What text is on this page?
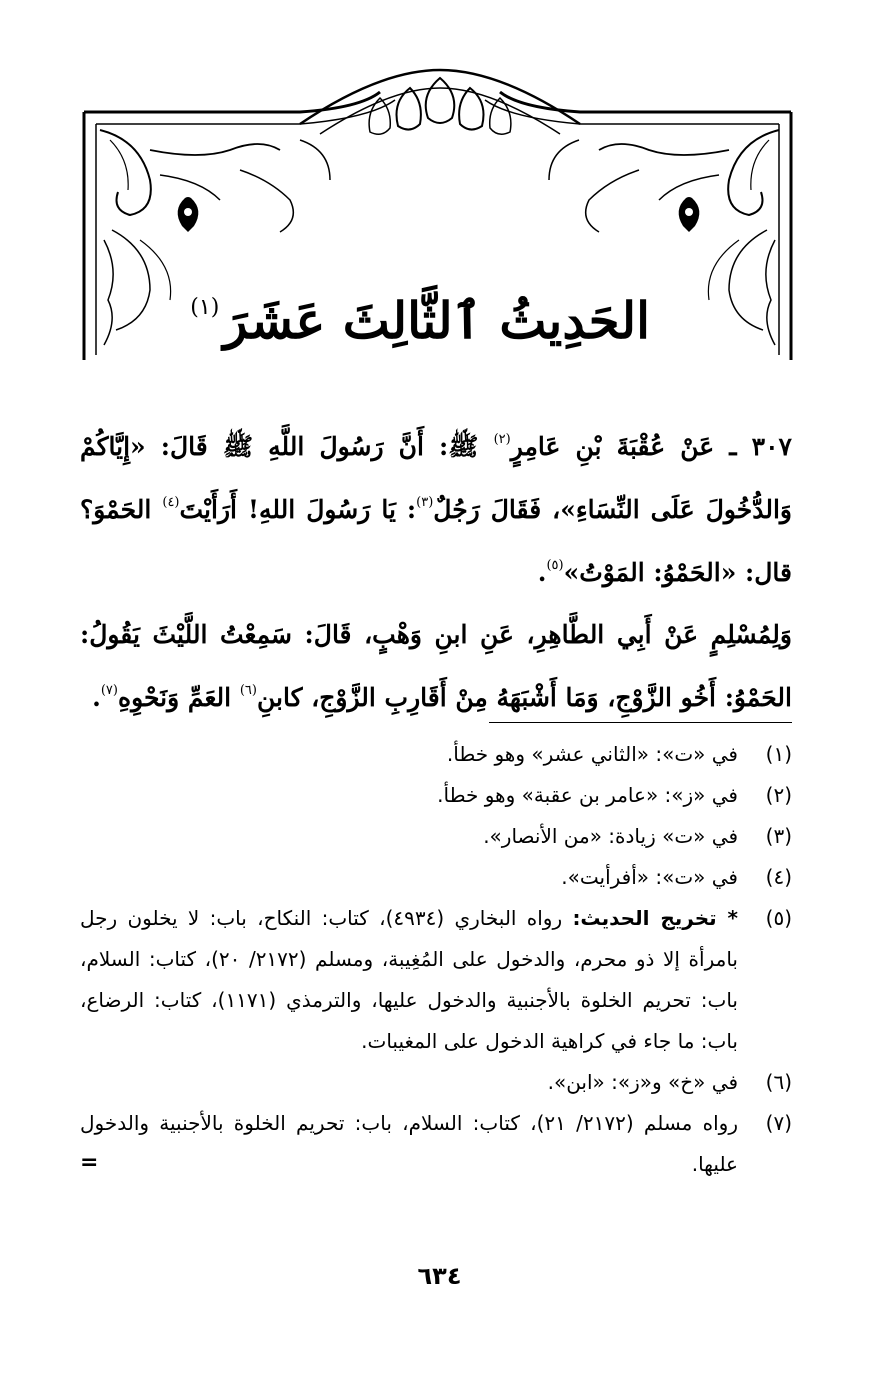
الحَدِيثُ ٱلثَّالِثَ عَشَرَ$^{(١)}$

٣٠٧ ـ عَنْ عُقْبَةَ بْنِ عَامِرٍ$^{(٢)}$ ﷺ: أَنَّ رَسُولَ اللَّهِ ﷺ قَالَ: «إِيَّاكُمْ وَالدُّخُولَ عَلَى النِّسَاءِ»، فَقَالَ رَجُلٌ$^{(٣)}$: يَا رَسُولَ اللهِ! أَرَأَيْتَ$^{(٤)}$ الحَمْوَ؟ قال: «الحَمْوُ: المَوْتُ»$^{(٥)}$.

وَلِمُسْلِمٍ عَنْ أَبِي الطَّاهِرِ، عَنِ ابنِ وَهْبٍ، قَالَ: سَمِعْتُ اللَّيْثَ يَقُولُ: الحَمْوُ: أَخُو الزَّوْجِ، وَمَا أَشْبَهَهُ مِنْ أَقَارِبِ الزَّوْجِ، كابنِ$^{(٦)}$ العَمِّ وَنَحْوِهِ$^{(٧)}$.

(١)
في «ت»: «الثاني عشر» وهو خطأ.
(٢)
في «ز»: «عامر بن عقبة» وهو خطأ.
(٣)
في «ت» زيادة: «من الأنصار».
(٤)
في «ت»: «أفرأيت».
(٥)
* تخريج الحديث: رواه البخاري (٤٩٣٤)، كتاب: النكاح، باب: لا يخلون رجل بامرأة إلا ذو محرم، والدخول على المُغِيبة، ومسلم (٢١٧٢/ ٢٠)، كتاب: السلام، باب: تحريم الخلوة بالأجنبية والدخول عليها، والترمذي (١١٧١)، كتاب: الرضاع، باب: ما جاء في كراهية الدخول على المغيبات.
(٦)
في «خ» و«ز»: «ابن».
(٧)
رواه مسلم (٢١٧٢/ ٢١)، كتاب: السلام، باب: تحريم الخلوة بالأجنبية والدخول عليها.
=
٦٣٤
